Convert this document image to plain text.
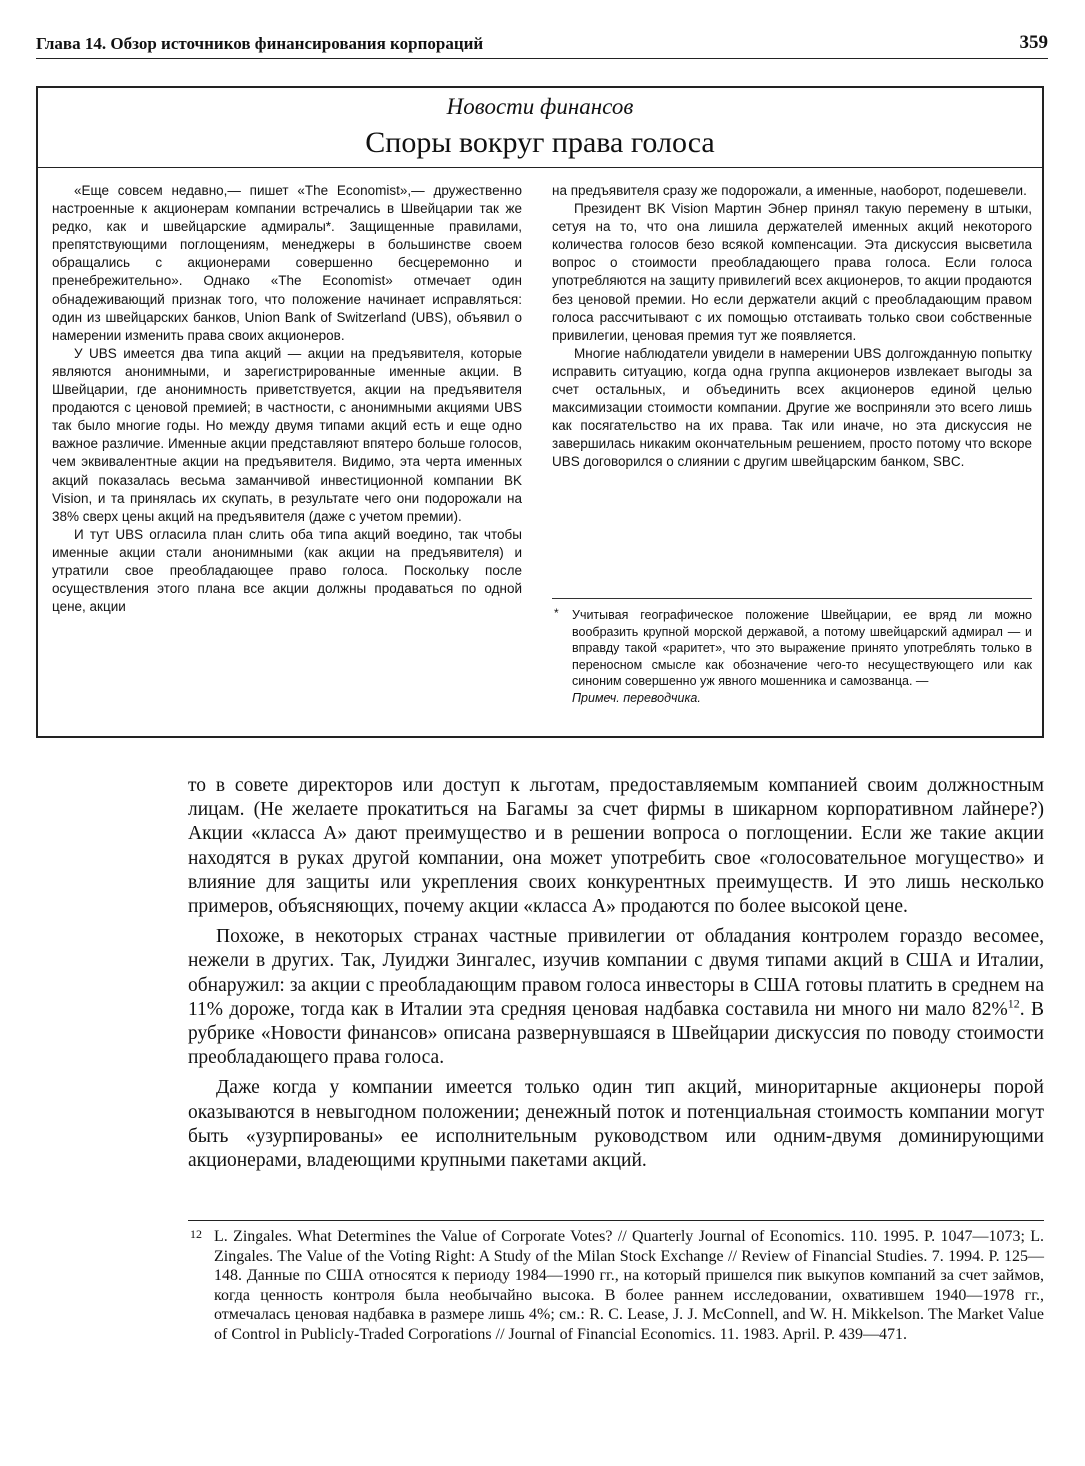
Глава 14. Обзор источников финансирования корпораций	359
Новости финансов
Споры вокруг права голоса

«Еще совсем недавно,— пишет «The Economist»,— дружественно настроенные к акционерам компании встречались в Швейцарии так же редко, как и швейцарские адмиралы*. Защищенные правилами, препятствующими поглощениям, менеджеры в большинстве своем обращались с акционерами совершенно бесцеремонно и пренебрежительно». Однако «The Economist» отмечает один обнадеживающий признак того, что положение начинает исправляться: один из швейцарских банков, Union Bank of Switzerland (UBS), объявил о намерении изменить права своих акционеров.

У UBS имеется два типа акций — акции на предъявителя, которые являются анонимными, и зарегистрированные именные акции. В Швейцарии, где анонимность приветствуется, акции на предъявителя продаются с ценовой премией; в частности, с анонимными акциями UBS так было многие годы. Но между двумя типами акций есть и еще одно важное различие. Именные акции представляют впятеро больше голосов, чем эквивалентные акции на предъявителя. Видимо, эта черта именных акций показалась весьма заманчивой инвестиционной компании BK Vision, и та принялась их скупать, в результате чего они подорожали на 38% сверх цены акций на предъявителя (даже с учетом премии).

И тут UBS огласила план слить оба типа акций воедино, так чтобы именные акции стали анонимными (как акции на предъявителя) и утратили свое преобладающее право голоса. Поскольку после осуществления этого плана все акции должны продаваться по одной цене, акции

на предъявителя сразу же подорожали, а именные, наоборот, подешевели.

Президент BK Vision Мартин Эбнер принял такую перемену в штыки, сетуя на то, что она лишила держателей именных акций некоторого количества голосов безо всякой компенсации. Эта дискуссия высветила вопрос о стоимости преобладающего права голоса. Если голоса употребляются на защиту привилегий всех акционеров, то акции продаются без ценовой премии. Но если держатели акций с преобладающим правом голоса рассчитывают с их помощью отстаивать только свои собственные привилегии, ценовая премия тут же появляется.

Многие наблюдатели увидели в намерении UBS долгожданную попытку исправить ситуацию, когда одна группа акционеров извлекает выгоды за счет остальных, и объединить всех акционеров единой целью максимизации стоимости компании. Другие же восприняли это всего лишь как посягательство на их права. Так или иначе, но эта дискуссия не завершилась никаким окончательным решением, просто потому что вскоре UBS договорился о слиянии с другим швейцарским банком, SBC.

* Учитывая географическое положение Швейцарии, ее вряд ли можно вообразить крупной морской державой, а потому швейцарский адмирал — и вправду такой «раритет», что это выражение принято употреблять только в переносном смысле как обозначение чего-то несуществующего или как синоним совершенно уж явного мошенника и самозванца. —
Примеч. переводчика.

то в совете директоров или доступ к льготам, предоставляемым компанией своим должностным лицам. (Не желаете прокатиться на Багамы за счет фирмы в шикарном корпоративном лайнере?) Акции «класса А» дают преимущество и в решении вопроса о поглощении. Если же такие акции находятся в руках другой компании, она может употребить свое «голосовательное могущество» и влияние для защиты или укрепления своих конкурентных преимуществ. И это лишь несколько примеров, объясняющих, почему акции «класса А» продаются по более высокой цене.

Похоже, в некоторых странах частные привилегии от обладания контролем гораздо весомее, нежели в других. Так, Луиджи Зингалес, изучив компании с двумя типами акций в США и Италии, обнаружил: за акции с преобладающим правом голоса инвесторы в США готовы платить в среднем на 11% дороже, тогда как в Италии эта средняя ценовая надбавка составила ни много ни мало 82%$^{12}$. В рубрике «Новости финансов» описана развернувшаяся в Швейцарии дискуссия по поводу стоимости преобладающего права голоса.

Даже когда у компании имеется только один тип акций, миноритарные акционеры порой оказываются в невыгодном положении; денежный поток и потенциальная стоимость компании могут быть «узурпированы» ее исполнительным руководством или одним-двумя доминирующими акционерами, владеющими крупными пакетами акций.

12 L. Zingales. What Determines the Value of Corporate Votes? // Quarterly Journal of Economics. 110. 1995. P. 1047—1073; L. Zingales. The Value of the Voting Right: A Study of the Milan Stock Exchange // Review of Financial Studies. 7. 1994. P. 125—148. Данные по США относятся к периоду 1984—1990 гг., на который пришелся пик выкупов компаний за счет займов, когда ценность контроля была необычайно высока. В более раннем исследовании, охватившем 1940—1978 гг., отмечалась ценовая надбавка в размере лишь 4%; см.: R. C. Lease, J. J. McConnell, and W. H. Mikkelson. The Market Value of Control in Publicly-Traded Corporations // Journal of Financial Economics. 11. 1983. April. P. 439—471.
